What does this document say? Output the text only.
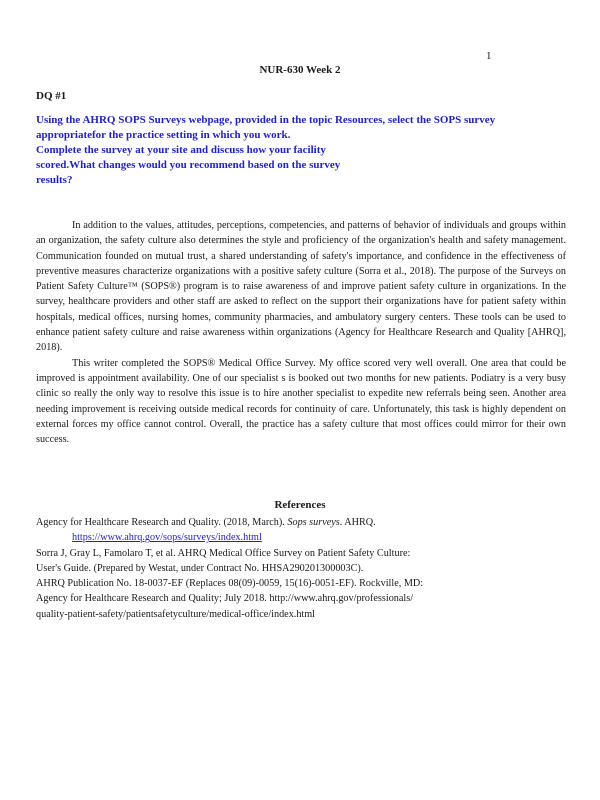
1
NUR-630 Week 2
DQ #1
Using the AHRQ SOPS Surveys webpage, provided in the topic Resources, select the SOPS survey
appropriatefor the practice setting in which you work.
Complete the survey at your site and discuss how your facility
scored.What changes would you recommend based on the survey
results?

In addition to the values, attitudes, perceptions, competencies, and patterns of behavior of individuals and groups within an organization, the safety culture also determines the style and proficiency of the organization's health and safety management. Communication founded on mutual trust, a shared understanding of safety's importance, and confidence in the effectiveness of preventive measures characterize organizations with a positive safety culture (Sorra et al., 2018). The purpose of the Surveys on Patient Safety Culture™ (SOPS®) program is to raise awareness of and improve patient safety culture in organizations. In the survey, healthcare providers and other staff are asked to reflect on the support their organizations have for patient safety within hospitals, medical offices, nursing homes, community pharmacies, and ambulatory surgery centers. These tools can be used to enhance patient safety culture and raise awareness within organizations (Agency for Healthcare Research and Quality [AHRQ], 2018).

This writer completed the SOPS® Medical Office Survey. My office scored very well overall. One area that could be improved is appointment availability. One of our specialist s is booked out two months for new patients. Podiatry is a very busy clinic so really the only way to resolve this issue is to hire another specialist to expedite new referrals being seen. Another area needing improvement is receiving outside medical records for continuity of care. Unfortunately, this task is highly dependent on external forces my office cannot control. Overall, the practice has a safety culture that most offices could mirror for their own success.

References

Agency for Healthcare Research and Quality. (2018, March). Sops surveys. AHRQ.
https://www.ahrq.gov/sops/surveys/index.html

Sorra J, Gray L, Famolaro T, et al. AHRQ Medical Office Survey on Patient Safety Culture:
User's Guide. (Prepared by Westat, under Contract No. HHSA290201300003C).
AHRQ Publication No. 18-0037-EF (Replaces 08(09)-0059, 15(16)-0051-EF). Rockville, MD:
Agency for Healthcare Research and Quality; July 2018. http://www.ahrq.gov/professionals/
quality-patient-safety/patientsafetyculture/medical-office/index.html
